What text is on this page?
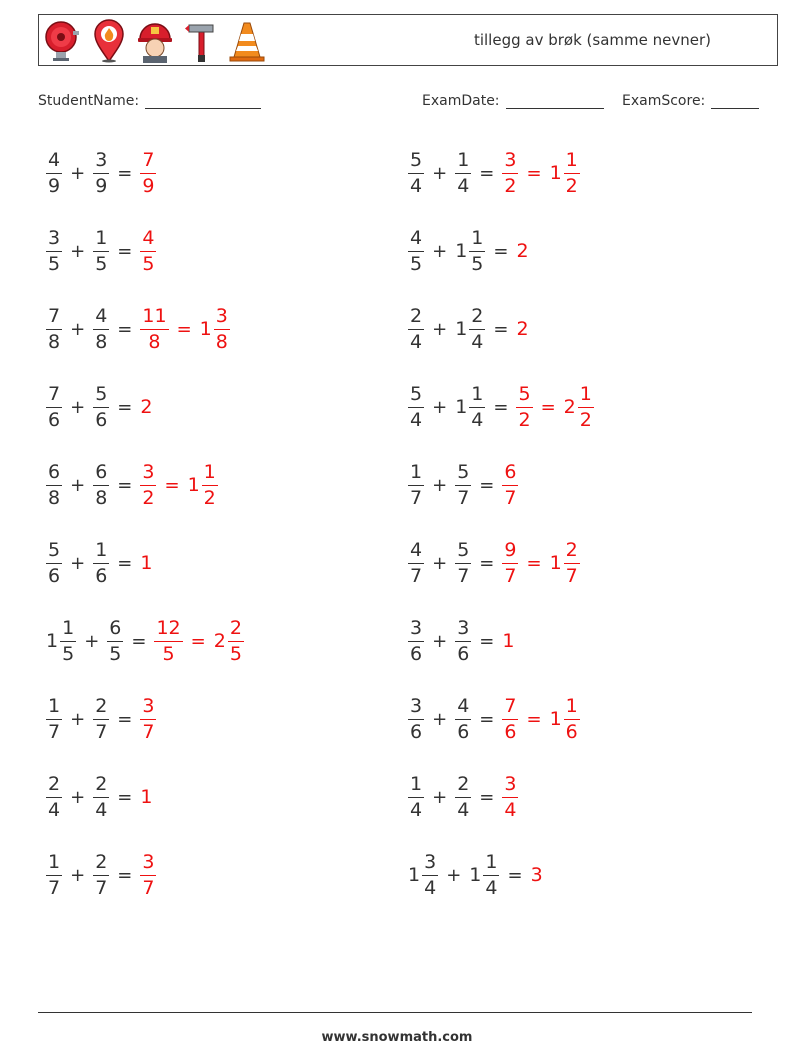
tillegg av brøk (samme nevner)
StudentName:	ExamDate:	ExamScore:
$\frac{4}{9} + \frac{3}{9} = \frac{7}{9}$	$\frac{5}{4} + \frac{1}{4} = \frac{3}{2} = 1 \frac{1}{2}$
$\frac{3}{5} + \frac{1}{5} = \frac{4}{5}$	$\frac{4}{5} + 1 \frac{1}{5} = 2$
$\frac{7}{8} + \frac{4}{8} = \frac{11}{8} = 1 \frac{3}{8}$	$\frac{2}{4} + 1 \frac{2}{4} = 2$
$\frac{7}{6} + \frac{5}{6} = 2$	$\frac{5}{4} + 1 \frac{1}{4} = \frac{5}{2} = 2 \frac{1}{2}$
$\frac{6}{8} + \frac{6}{8} = \frac{3}{2} = 1 \frac{1}{2}$	$\frac{1}{7} + \frac{5}{7} = \frac{6}{7}$
$\frac{5}{6} + \frac{1}{6} = 1$	$\frac{4}{7} + \frac{5}{7} = \frac{9}{7} = 1 \frac{2}{7}$
$1 \frac{1}{5} + \frac{6}{5} = \frac{12}{5} = 2 \frac{2}{5}$	$\frac{3}{6} + \frac{3}{6} = 1$
$\frac{1}{7} + \frac{2}{7} = \frac{3}{7}$	$\frac{3}{6} + \frac{4}{6} = \frac{7}{6} = 1 \frac{1}{6}$
$\frac{2}{4} + \frac{2}{4} = 1$	$\frac{1}{4} + \frac{2}{4} = \frac{3}{4}$
$\frac{1}{7} + \frac{2}{7} = \frac{3}{7}$	$1 \frac{3}{4} + 1 \frac{1}{4} = 3$
www.snowmath.com
